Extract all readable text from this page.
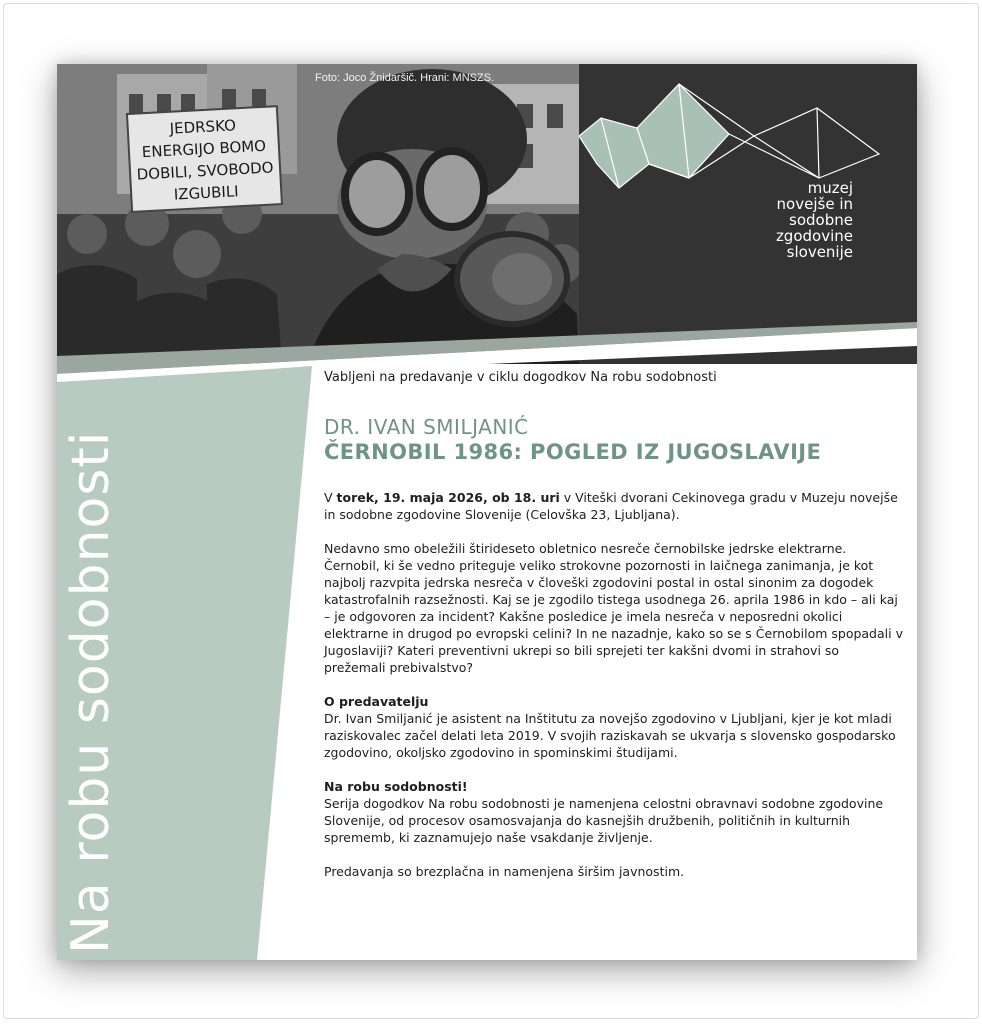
JEDRSKO
ENERGIJO BOMO
DOBILI, SVOBODO
IZGUBILI
Foto: Joco Žnidaršič. Hrani: MNSZS.
muzej
novejše in
sodobne
zgodovine
slovenije
Na robu sodobnosti
Vabljeni na predavanje v ciklu dogodkov Na robu sodobnosti
DR. IVAN SMILJANIĆ
ČERNOBIL 1986: POGLED IZ JUGOSLAVIJE

V torek, 19. maja 2026, ob 18. uri v Viteški dvorani Cekinovega gradu v Muzeju novejše in sodobne zgodovine Slovenije (Celovška 23, Ljubljana).

Nedavno smo obeležili štirideseto obletnico nesreče černobilske jedrske elektrarne. Černobil, ki še vedno priteguje veliko strokovne pozornosti in laičnega zanimanja, je kot najbolj razvpita jedrska nesreča v človeški zgodovini postal in ostal sinonim za dogodek katastrofalnih razsežnosti. Kaj se je zgodilo tistega usodnega 26. aprila 1986 in kdo – ali kaj – je odgovoren za incident? Kakšne posledice je imela nesreča v neposredni okolici elektrarne in drugod po evropski celini? In ne nazadnje, kako so se s Černobilom spopadali v Jugoslaviji? Kateri preventivni ukrepi so bili sprejeti ter kakšni dvomi in strahovi so prežemali prebivalstvo?

O predavatelju

Dr. Ivan Smiljanić je asistent na Inštitutu za novejšo zgodovino v Ljubljani, kjer je kot mladi raziskovalec začel delati leta 2019. V svojih raziskavah se ukvarja s slovensko gospodarsko zgodovino, okoljsko zgodovino in spominskimi študijami.

Na robu sodobnosti!

Serija dogodkov Na robu sodobnosti je namenjena celostni obravnavi sodobne zgodovine Slovenije, od procesov osamosvajanja do kasnejših družbenih, političnih in kulturnih sprememb, ki zaznamujejo naše vsakdanje življenje.

Predavanja so brezplačna in namenjena širšim javnostim.
